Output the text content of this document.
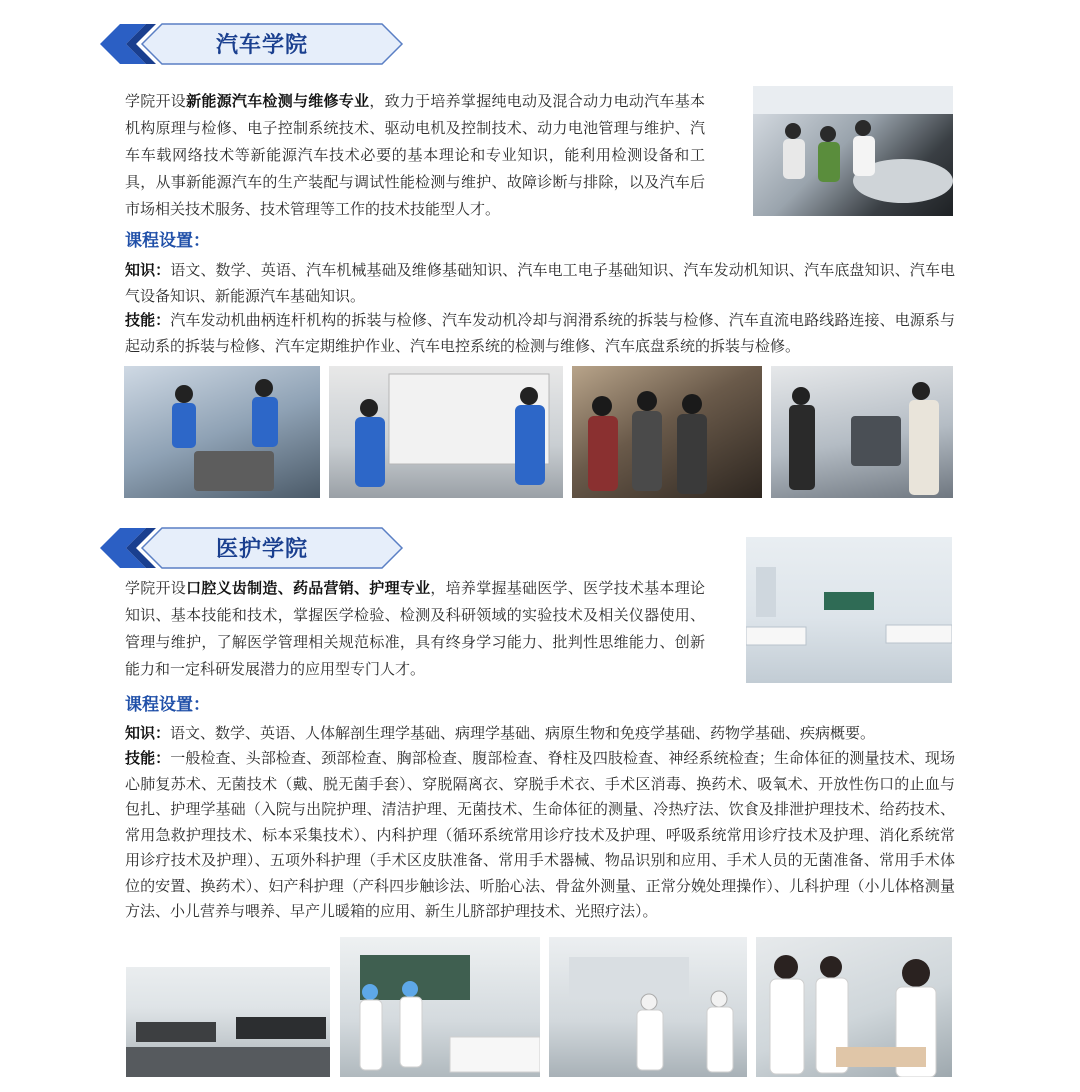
汽车学院
学院开设新能源汽车检测与维修专业，致力于培养掌握纯电动及混合动力电动汽车基本机构原理与检修、电子控制系统技术、驱动电机及控制技术、动力电池管理与维护、汽车车载网络技术等新能源汽车技术必要的基本理论和专业知识，能利用检测设备和工具，从事新能源汽车的生产装配与调试性能检测与维护、故障诊断与排除，以及汽车后市场相关技术服务、技术管理等工作的技术技能型人才。
课程设置：
知识：语文、数学、英语、汽车机械基础及维修基础知识、汽车电工电子基础知识、汽车发动机知识、汽车底盘知识、汽车电气设备知识、新能源汽车基础知识。
技能：汽车发动机曲柄连杆机构的拆装与检修、汽车发动机冷却与润滑系统的拆装与检修、汽车直流电路线路连接、电源系与起动系的拆装与检修、汽车定期维护作业、汽车电控系统的检测与维修、汽车底盘系统的拆装与检修。
医护学院
学院开设口腔义齿制造、药品营销、护理专业，培养掌握基础医学、医学技术基本理论知识、基本技能和技术，掌握医学检验、检测及科研领域的实验技术及相关仪器使用、管理与维护，了解医学管理相关规范标准，具有终身学习能力、批判性思维能力、创新能力和一定科研发展潜力的应用型专门人才。
课程设置：
知识：语文、数学、英语、人体解剖生理学基础、病理学基础、病原生物和免疫学基础、药物学基础、疾病概要。
技能：一般检查、头部检查、颈部检查、胸部检查、腹部检查、脊柱及四肢检查、神经系统检查；生命体征的测量技术、现场心肺复苏术、无菌技术（戴、脱无菌手套）、穿脱隔离衣、穿脱手术衣、手术区消毒、换药术、吸氧术、开放性伤口的止血与包扎、护理学基础（入院与出院护理、清洁护理、无菌技术、生命体征的测量、冷热疗法、饮食及排泄护理技术、给药技术、常用急救护理技术、标本采集技术）、内科护理（循环系统常用诊疗技术及护理、呼吸系统常用诊疗技术及护理、消化系统常用诊疗技术及护理）、五项外科护理（手术区皮肤准备、常用手术器械、物品识别和应用、手术人员的无菌准备、常用手术体位的安置、换药术）、妇产科护理（产科四步触诊法、听胎心法、骨盆外测量、正常分娩处理操作）、儿科护理（小儿体格测量方法、小儿营养与喂养、早产儿暖箱的应用、新生儿脐部护理技术、光照疗法）。
